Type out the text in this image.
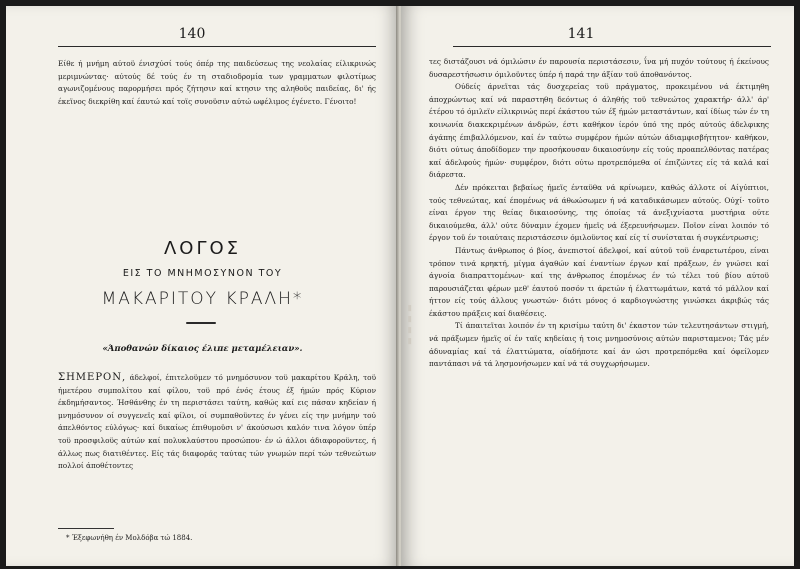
140
Είθε ή μνήμη αύτοϋ ένισχύσί τούς όπέρ της παιδεύσεως της νεολαίας είλικρινώς μεριμνώντας· αύτούς δέ τούς έν τη σταδιοδρομία των γραμματων φιλοτίμως αγωνιζομένους παρορμήσει πρός ζήτησιν καί κτησιν της αληθοϋς παιδείας, δι' ής έκεϊνος διεκρίθη καί έαυτώ καί τοϊς συνοϋσιν αύτώ ωφέλιμος έγένετο. Γένοιτο!
ΛΟΓΟΣ
ΕΙΣ ΤΟ ΜΝΗΜΟΣΥΝΟΝ ΤΟΥ
ΜΑΚΑΡΙΤΟΥ ΚΡΑΛΗ*
«Άποθανών δίκαιος έλιπε μεταμέλειαν».
ΣΗΜΕΡΟΝ, άδελφοί, έπιτελοϋμεν τό μνημόσυνον τοϋ μακαρίτου Κράλη, τοϋ ήμετέρου συμπολίτου καί φίλου, τοϋ πρό ένός έτους έξ ήμών πρός Κύριον έκδημήσαντος. Ήσθάνθης έν τη περιστάσει ταύτη, καθώς καί εις πάσαν κηδείαν ή μνημόσυνον οί συγγενεϊς καί φίλοι, οί συμπαθοϋντες έν γένει είς την μνήμην τού άπελθόντος εύλόγως· καί δικαίως έπιθυμοϋσι ν' άκούσωσι καλόν τινα λόγον ύπέρ τοϋ προσφιλοϋς αύτών καί πολυκλαύστου προσώπου· έν ώ άλλοι άδιαφοροϋντες, ή άλλως πως διατιθέντες. Είς τάς διαφοράς ταύτας τών γνωμών περί τών τεθνεώτων πολλοί άποθέτοντες
* Έξεφωνήθη έν Μολδόβα τώ 1884.
141
▮▮▮▮

τες διστάζουσι νά όμιλώσιν έν παρουσία περιστάσεσιν, ΐνα μή πυχόν τούτους ή έκείνους δυσαρεστήσωσιν όμιλοϋντες ύπέρ ή παρά την άξίαν τοϋ άποθανόντος.

Ούδείς άρνεϊται τάς δυσχερείας τοϋ πράγματος, προκειμένου νά έκτιμηθη άποχρώντως καί νά παραστηθη δεόντως ό άληθής τοϋ τεθνεώτος χαρακτήρ· άλλ' άρ' έτέρου τό όμιλεϊν είλικρινώς περί έκάστου τών έξ ήμών μεταστάντων, καί ίδίως τών έν τη κοινωνία διακεκριμένων άνδρών, έστι καθήκον ίερόν ύπό της πρός αύτούς άδελφικης άγάπης έπιβαλλόμενον, καί έν ταύτω συμφέρον ήμών αύτών άδιαμφισβήτητον· καθήκον, διότι ούτως άποδίδομεν την προσήκουσαν δικαιοσύνην είς τούς προαπελθόντας πατέρας καί άδελφούς ήμών· συμφέρον, διότι ούτω προτρεπόμεθα οί έπιζώντες είς τά καλά καί διάρεστα.

Δέν πρόκειται βεβαίως ήμεϊς ένταϋθα νά κρίνωμεν, καθώς άλλοτε οί Αίγύπτιοι, τούς τεθνεώτας, καί έπομένως νά άθωώσωμεν ή νά καταδικάσωμεν αύτούς. Ούχί· τοϋτο είναι έργον της θείας δικαιοσύνης, της όποίας τά άνεξιχνίαστα μυστήρια ούτε δικαιούμεθα, άλλ' ούτε δύναμιν έχομεν ήμεϊς νά έξερευνήσωμεν. Ποϊον είναι λοιπόν τό έργον τοϋ έν τοιαύταις περιστάσεσιν όμιλοϋντος καί είς τί συνίσταται ή συγκέντρωσις;

Πάντως άνθρωπος ό βίος, άνεπιστοί άδελφοί, καί αύτοϋ τοϋ έναρετωτέρου, είναι τρόπον τινά κρηκτή, μίγμα άγαθών καί έναντίων έργων καί πράξεων, έν γνώσει καί άγνοία διαπραττομένων· καί της άνθρωπος έπομένως έν τώ τέλει τού βίου αύτοϋ παρουσιάζεται φέρων μεθ' έαυτού ποσόν τι άρετών ή έλαττωμάτων, κατά τό μάλλον καί ήττον είς τούς άλλους γνωστών· διότι μόνος ό καρδιογνώστης γινώσκει άκριβώς τάς έκάστου πράξεις καί διαθέσεις.

Τί άπαιτεϊται λοιπόν έν τη κρισίμω ταύτη δι' έκαστον τών τελευτησάντων στιγμή, νά πράξωμεν ήμεϊς οί έν ταϊς κηδείαις ή τοις μνημοσύνοις αύτών παρισταμενοι; Τάς μέν άδυναμίας καί τά έλαττώματα, οίαδήποτε καί άν ώσι προτρεπόμεθα καί όφείλομεν παντάπασι νά τά λησμονήσωμεν καί νά τά συγχωρήσωμεν.
